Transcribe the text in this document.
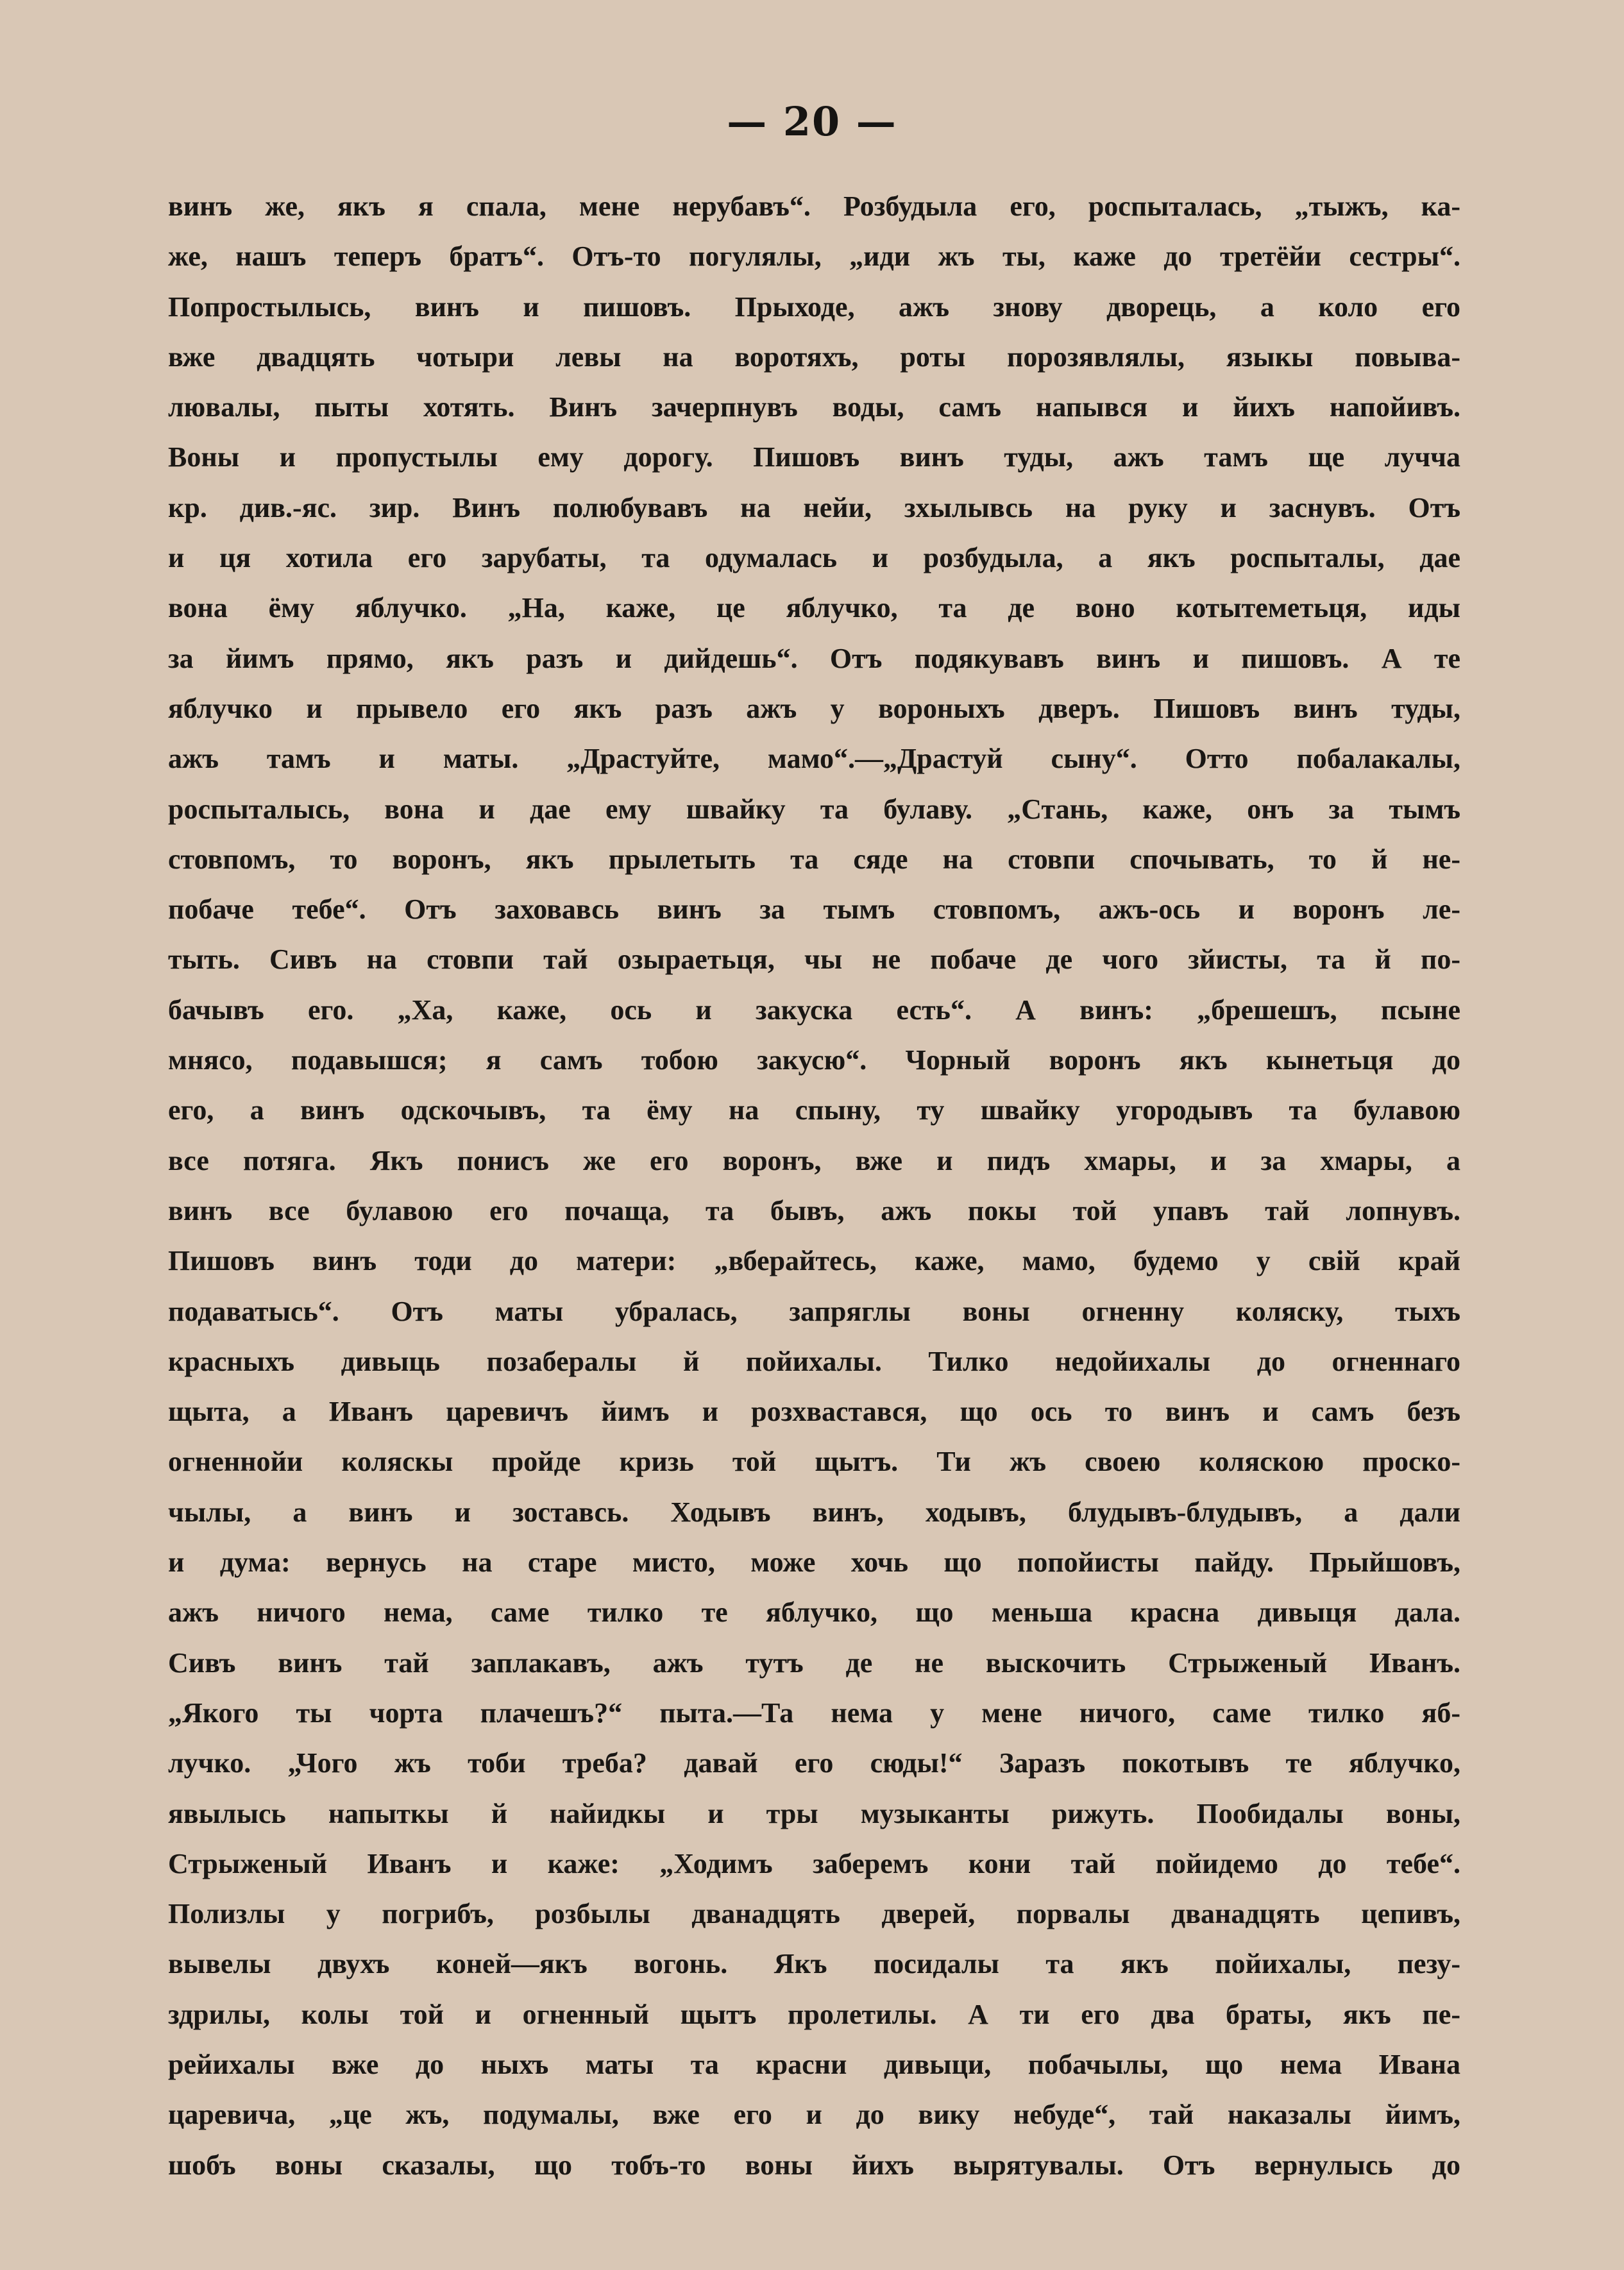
— 20 —
винъ же, якъ я спала, мене нерубавъ“. Розбудыла его, роспыталась, „тыжъ, ка-
же, нашъ теперъ братъ“. Отъ-то погулялы, „иди жъ ты, каже до третёйи сестры“.
Попростылысь, винъ и пишовъ. Прыходе, ажъ знову дворець, а коло его
вже двадцять чотыри левы на воротяхъ, роты порозявлялы, языкы повыва-
лювалы, пыты хотять. Винъ зачерпнувъ воды, самъ напывся и йихъ напойивъ.
Воны и пропустылы ему дорогу. Пишовъ винъ туды, ажъ тамъ ще лучча
кр. див.-яс. зир. Винъ полюбувавъ на нейи, зхылывсь на руку и заснувъ. Отъ
и ця хотила его зарубаты, та одумалась и розбудыла, а якъ роспыталы, дае
вона ёму яблучко. „На, каже, це яблучко, та де воно котытеметьця, иды
за йимъ прямо, якъ разъ и дийдешь“. Отъ подякувавъ винъ и пишовъ. А те
яблучко и прывело его якъ разъ ажъ у вороныхъ дверъ. Пишовъ винъ туды,
ажъ тамъ и маты. „Драстуйте, мамо“.—„Драстуй сыну“. Отто побалакалы,
роспыталысь, вона и дае ему швайку та булаву. „Стань, каже, онъ за тымъ
стовпомъ, то воронъ, якъ прылетыть та сяде на стовпи спочывать, то й не-
побаче тебе“. Отъ заховавсь винъ за тымъ стовпомъ, ажъ-ось и воронъ ле-
тыть. Сивъ на стовпи тай озыраетьця, чы не побаче де чого зйисты, та й по-
бачывъ его. „Ха, каже, ось и закуска есть“. А винъ: „брешешъ, псыне
мнясо, подавышся; я самъ тобою закусю“. Чорный воронъ якъ кынетьця до
его, а винъ одскочывъ, та ёму на спыну, ту швайку угородывъ та булавою
все потяга. Якъ понисъ же его воронъ, вже и пидъ хмары, и за хмары, а
винъ все булавою его почаща, та бывъ, ажъ покы той упавъ тай лопнувъ.
Пишовъ винъ тоди до матери: „вберайтесь, каже, мамо, будемо у свій край
подаватысь“. Отъ маты убралась, запряглы воны огненну коляску, тыхъ
красныхъ дивыць позабералы й пойихалы. Тилко недойихалы до огненнаго
щыта, а Иванъ царевичъ йимъ и розхвастався, що ось то винъ и самъ безъ
огненнойи коляскы пройде кризь той щытъ. Ти жъ своею коляскою проско-
чылы, а винъ и зоставсь. Ходывъ винъ, ходывъ, блудывъ-блудывъ, а дали
и дума: вернусь на старе мисто, може хочь що попойисты пайду. Прыйшовъ,
ажъ ничого нема, саме тилко те яблучко, що меньша красна дивыця дала.
Сивъ винъ тай заплакавъ, ажъ тутъ де не выскочить Стрыженый Иванъ.
„Якого ты чорта плачешъ?“ пыта.—Та нема у мене ничого, саме тилко яб-
лучко. „Чого жъ тоби треба? давай его сюды!“ Заразъ покотывъ те яблучко,
явылысь напыткы й найидкы и тры музыканты рижуть. Пообидалы воны,
Стрыженый Иванъ и каже: „Ходимъ заберемъ кони тай пойидемо до тебе“.
Полизлы у погрибъ, розбылы дванадцять дверей, порвалы дванадцять цепивъ,
вывелы двухъ коней—якъ вогонь. Якъ посидалы та якъ пойихалы, пезу-
здрилы, колы той и огненный щытъ пролетилы. А ти его два браты, якъ пе-
рейихалы вже до ныхъ маты та красни дивыци, побачылы, що нема Ивана
царевича, „це жъ, подумалы, вже его и до вику небуде“, тай наказалы йимъ,
шобъ воны сказалы, що тобъ-то воны йихъ вырятувалы. Отъ вернулысь до
